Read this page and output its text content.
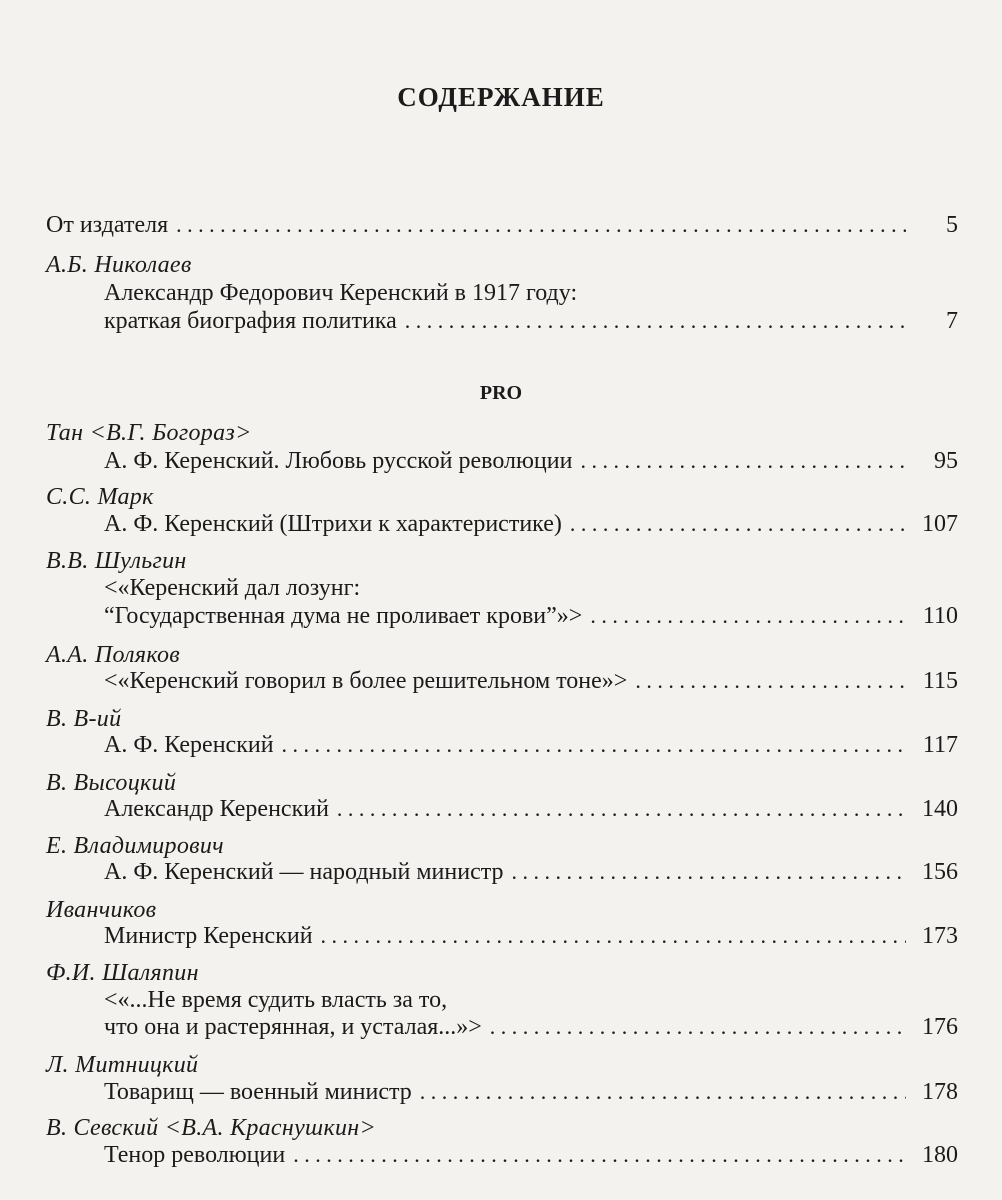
СОДЕРЖАНИЕ
От издателя . . .	5
А.Б. Николаев
Александр Федорович Керенский в 1917 году:
краткая биография политика . . .	7
PRO
Тан <В.Г. Богораз>
А. Ф. Керенский. Любовь русской революции . . .	95
С.С. Марк
А. Ф. Керенский (Штрихи к характеристике) . . .	107
В.В. Шульгин
<«Керенский дал лозунг:
“Государственная дума не проливает крови”»> . . .	110
А.А. Поляков
<«Керенский говорил в более решительном тоне»> . . .	115
В. В-ий
А. Ф. Керенский . . .	117
В. Высоцкий
Александр Керенский . . .	140
Е. Владимирович
А. Ф. Керенский — народный министр . . .	156
Иванчиков
Министр Керенский . . .	173
Ф.И. Шаляпин
<«...Не время судить власть за то,
что она и растерянная, и усталая...»> . . .	176
Л. Митницкий
Товарищ — военный министр . . .	178
В. Севский <В.А. Краснушкин>
Тенор революции . . .	180
